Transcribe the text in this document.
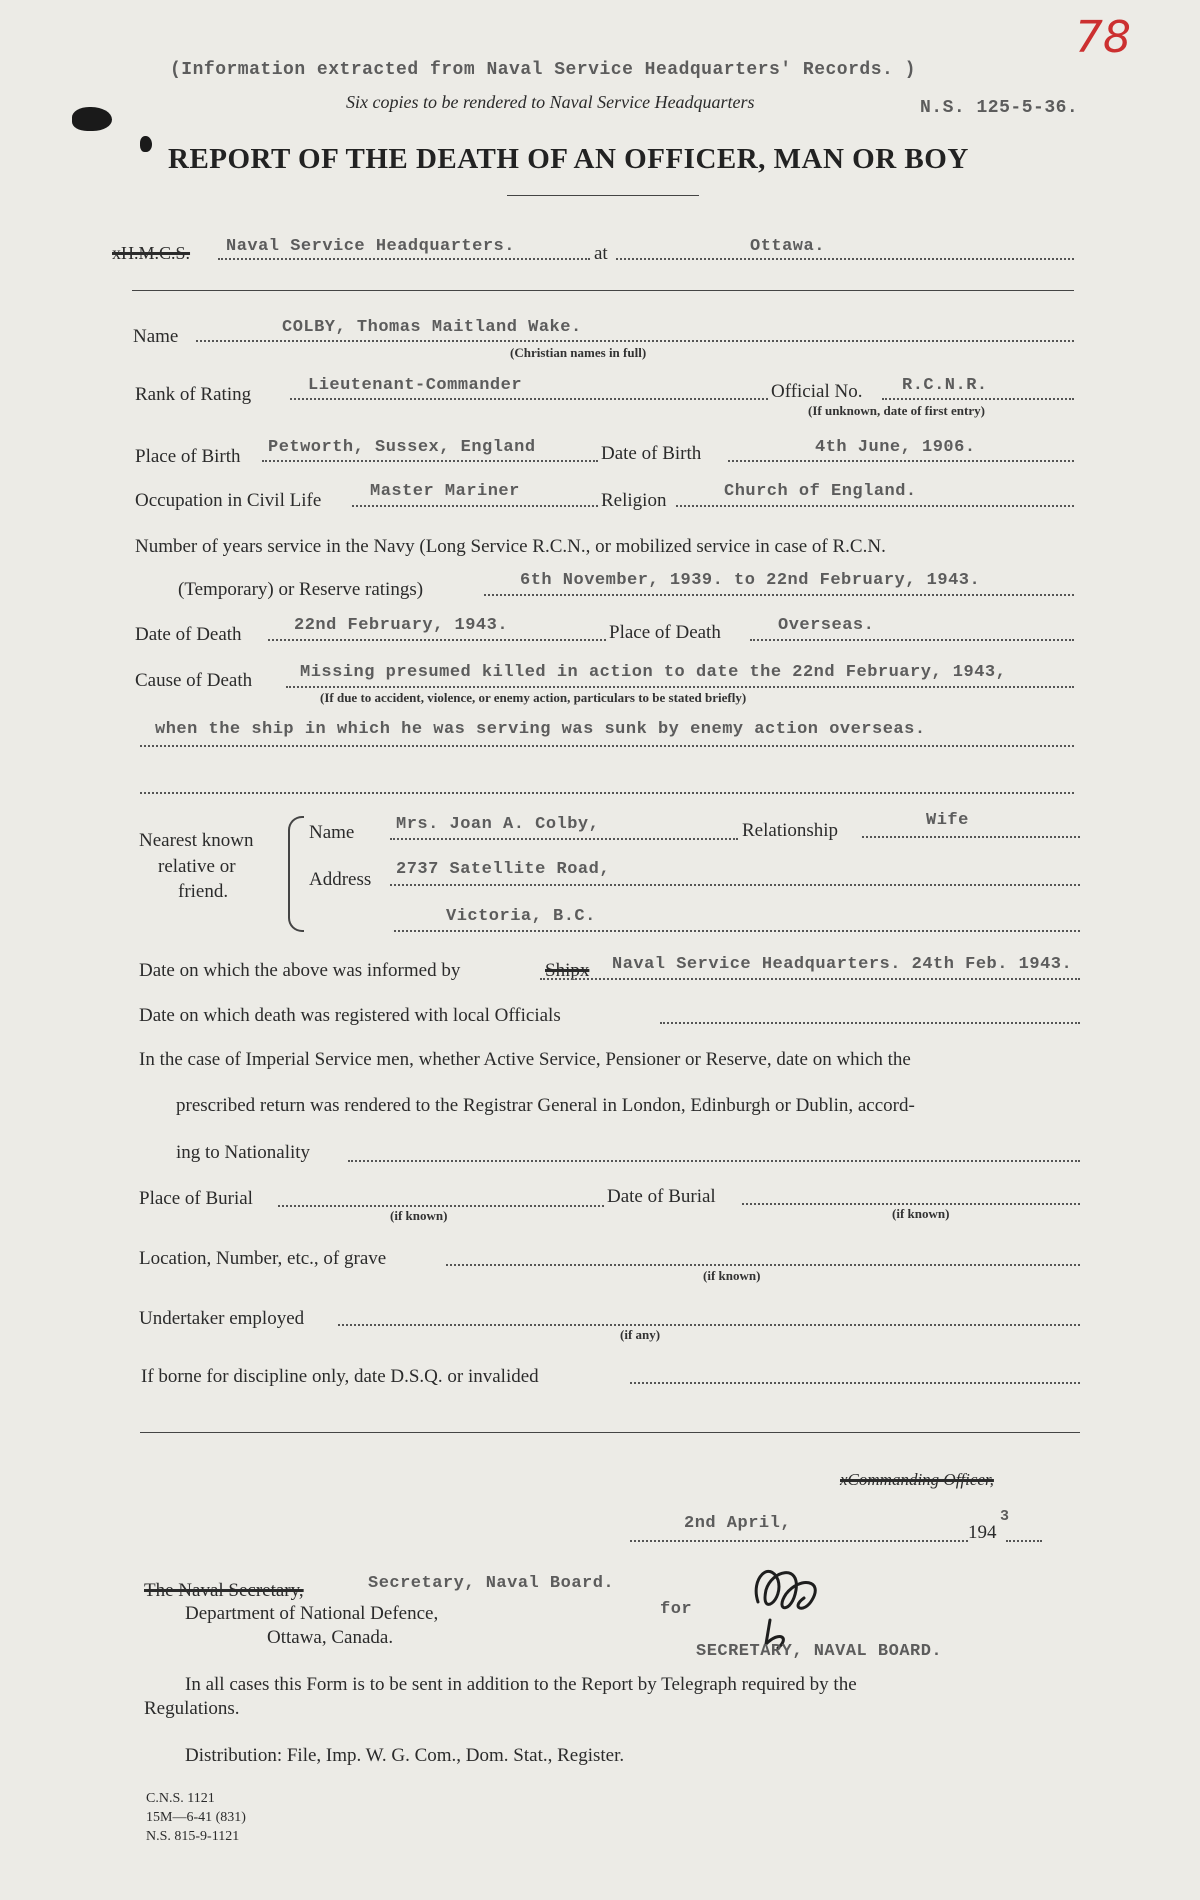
(Information extracted from Naval Service Headquarters' Records. )
Six copies to be rendered to Naval Service Headquarters	N.S. 125-5-36.
78
REPORT OF THE DEATH OF AN OFFICER, MAN OR BOY
xH.M.C.S. Naval Service Headquarters.	at	Ottawa.
Name	COLBY, Thomas Maitland Wake.
(Christian names in full)
Rank of Rating	Lieutenant-Commander	Official No. R.C.N.R.
(If unknown, date of first entry)
Place of Birth Petworth, Sussex, England	Date of Birth	4th June, 1906.
Occupation in Civil Life	Master Mariner	Religion	Church of England.
Number of years service in the Navy (Long Service R.C.N., or mobilized service in case of R.C.N.
(Temporary) or Reserve ratings)	6th November, 1939. to 22nd February, 1943.
Date of Death	22nd February, 1943.	Place of Death	Overseas.
Cause of Death	Missing presumed killed in action to date the 22nd February, 1943,
(If due to accident, violence, or enemy action, particulars to be stated briefly)
when the ship in which he was serving was sunk by enemy action overseas.
Nearest known
relative or
friend.
Name Mrs. Joan A. Colby,	Relationship	Wife
Address 2737 Satellite Road,
Victoria, B.C.
Date on which the above was informed by	Shipx Naval Service Headquarters. 24th Feb. 1943.
Date on which death was registered with local Officials
In the case of Imperial Service men, whether Active Service, Pensioner or Reserve, date on which the
prescribed return was rendered to the Registrar General in London, Edinburgh or Dublin, accord-
ing to Nationality
Place of Burial
(if known)
Date of Burial
(if known)
Location, Number, etc., of grave
(if known)
Undertaker employed
(if any)
If borne for discipline only, date D.S.Q. or invalided
xCommanding Officer,
2nd April,	194
3
The Naval Secretary,	Secretary, Naval Board.
Department of National Defence,
Ottawa, Canada.
for
SECRETARY, NAVAL BOARD.
In all cases this Form is to be sent in addition to the Report by Telegraph required by the
Regulations.
Distribution: File, Imp. W. G. Com., Dom. Stat., Register.
C.N.S. 1121
15M—6-41 (831)
N.S. 815-9-1121
